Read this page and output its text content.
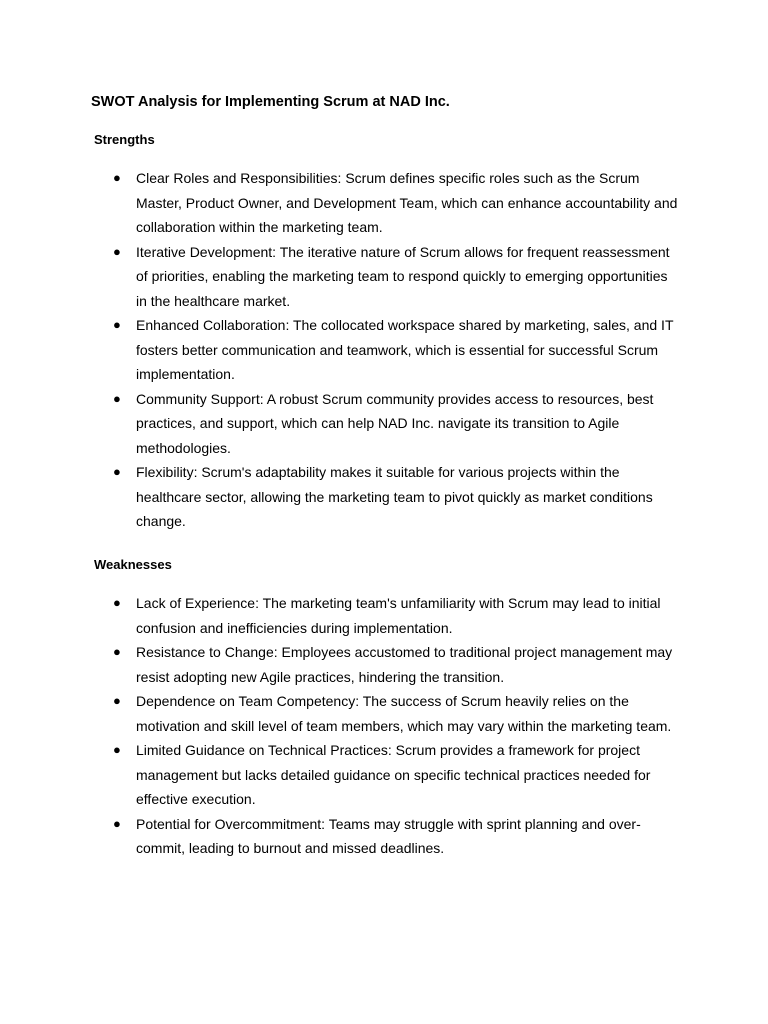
SWOT Analysis for Implementing Scrum at NAD Inc.
Strengths
● Clear Roles and Responsibilities: Scrum defines specific roles such as the Scrum Master, Product Owner, and Development Team, which can enhance accountability and collaboration within the marketing team.
● Iterative Development: The iterative nature of Scrum allows for frequent reassessment of priorities, enabling the marketing team to respond quickly to emerging opportunities in the healthcare market.
● Enhanced Collaboration: The collocated workspace shared by marketing, sales, and IT fosters better communication and teamwork, which is essential for successful Scrum implementation.
● Community Support: A robust Scrum community provides access to resources, best practices, and support, which can help NAD Inc. navigate its transition to Agile methodologies.
● Flexibility: Scrum's adaptability makes it suitable for various projects within the healthcare sector, allowing the marketing team to pivot quickly as market conditions change.
Weaknesses
● Lack of Experience: The marketing team's unfamiliarity with Scrum may lead to initial confusion and inefficiencies during implementation.
● Resistance to Change: Employees accustomed to traditional project management may resist adopting new Agile practices, hindering the transition.
● Dependence on Team Competency: The success of Scrum heavily relies on the motivation and skill level of team members, which may vary within the marketing team.
● Limited Guidance on Technical Practices: Scrum provides a framework for project management but lacks detailed guidance on specific technical practices needed for effective execution.
● Potential for Overcommitment: Teams may struggle with sprint planning and over-commit, leading to burnout and missed deadlines.
